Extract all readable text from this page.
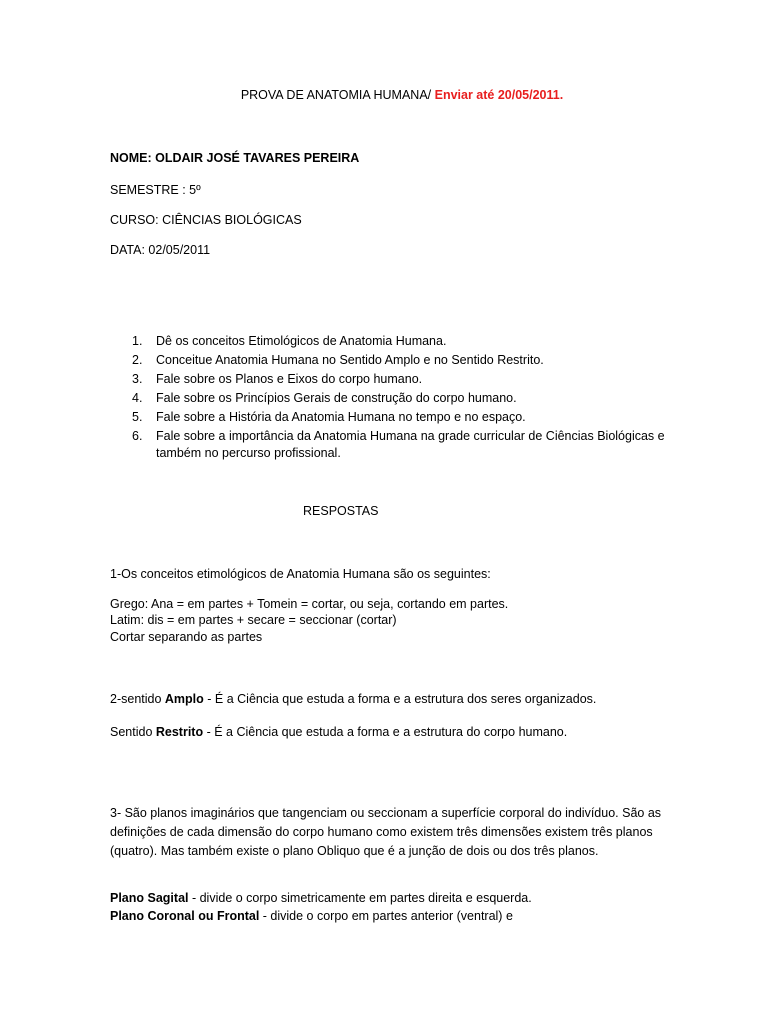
PROVA DE ANATOMIA HUMANA/ Enviar até 20/05/2011.
NOME: OLDAIR JOSÉ TAVARES PEREIRA
SEMESTRE : 5º
CURSO: CIÊNCIAS BIOLÓGICAS
DATA: 02/05/2011
1. Dê os conceitos Etimológicos de Anatomia Humana.
2. Conceitue Anatomia Humana no Sentido Amplo e no Sentido Restrito.
3. Fale sobre os Planos e Eixos do corpo humano.
4. Fale sobre os Princípios Gerais de construção do corpo humano.
5. Fale sobre a História da Anatomia Humana no tempo e no espaço.
6. Fale sobre a importância da Anatomia Humana na grade curricular de Ciências Biológicas e também no percurso profissional.
RESPOSTAS
1-Os conceitos etimológicos de Anatomia Humana são os seguintes:
Grego: Ana = em partes + Tomein = cortar, ou seja, cortando em partes.
Latim: dis = em partes + secare = seccionar (cortar)
Cortar separando as partes
2-sentido Amplo - É a Ciência que estuda a forma e a estrutura dos seres organizados.
Sentido Restrito - É a Ciência que estuda a forma e a estrutura do corpo humano.
3- São planos imaginários que tangenciam ou seccionam a superfície corporal do indivíduo. São as definições de cada dimensão do corpo humano como existem três dimensões existem três planos (quatro). Mas também existe o plano Obliquo que é a junção de dois ou dos três planos.
Plano Sagital - divide o corpo simetricamente em partes direita e esquerda.
Plano Coronal ou Frontal - divide o corpo em partes anterior (ventral) e
